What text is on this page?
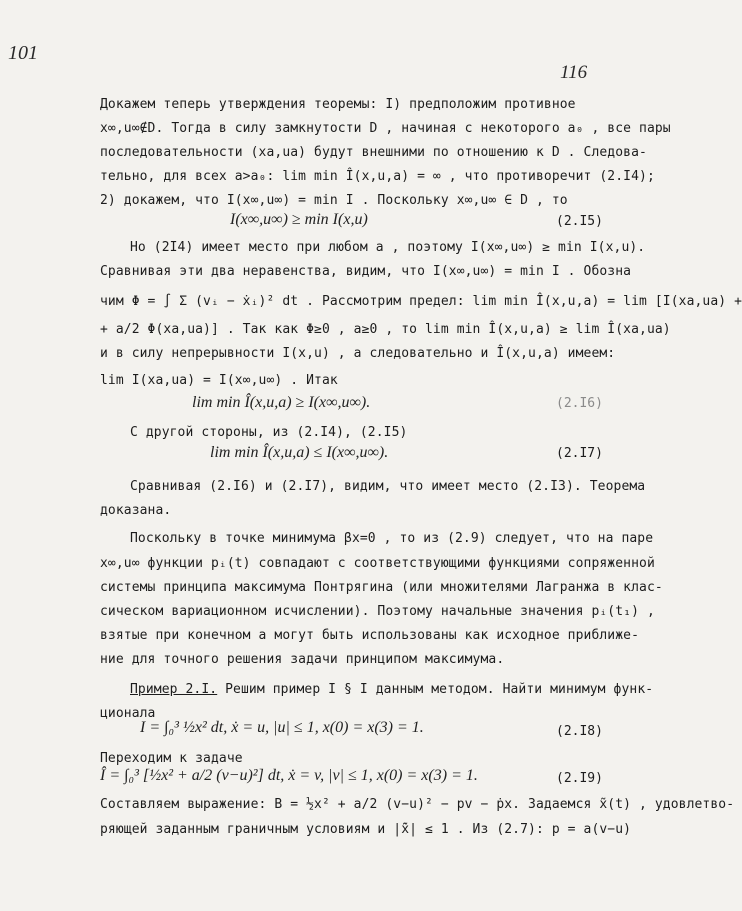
101
116
Докажем теперь утверждения теоремы: I) предположим противное
x∞,u∞∉D. Тогда в силу замкнутости D , начиная с некоторого a₀ , все пары
последовательности (xa,ua) будут внешними по отношению к D . Следова-
тельно, для всех a>a₀: lim min Î(x,u,a) = ∞ , что противоречит (2.I4);
2) докажем, что I(x∞,u∞) = min I . Поскольку x∞,u∞ ∈ D , то
I(x∞,u∞) ≥ min I(x,u)	(2.I5)
Но (2I4) имеет место при любом a , поэтому I(x∞,u∞) ≥ min I(x,u).
Сравнивая эти два неравенства, видим, что I(x∞,u∞) = min I . Обозна
чим Φ = ∫ Σ (vᵢ − ẋᵢ)² dt . Рассмотрим предел: lim min Î(x,u,a) = lim [I(xa,ua) +
+ a/2 Φ(xa,ua)] . Так как Φ≥0 , a≥0 , то lim min Î(x,u,a) ≥ lim Î(xa,ua)
и в силу непрерывности I(x,u) , а следовательно и Î(x,u,a) имеем:
lim I(xa,ua) = I(x∞,u∞) . Итак
lim min Î(x,u,a) ≥ I(x∞,u∞).	(2.I6)
С другой стороны, из (2.I4), (2.I5)
lim min Î(x,u,a) ≤ I(x∞,u∞).	(2.I7)
Сравнивая (2.I6) и (2.I7), видим, что имеет место (2.I3). Теорема
доказана.
Поскольку в точке минимума βx=0 , то из (2.9) следует, что на паре
x∞,u∞ функции pᵢ(t) совпадают с соответствующими функциями сопряженной
системы принципа максимума Понтрягина (или множителями Лагранжа в клас-
сическом вариационном исчислении). Поэтому начальные значения pᵢ(t₁) ,
взятые при конечном a могут быть использованы как исходное приближе-
ние для точного решения задачи принципом максимума.
Пример 2.I. Решим пример I § I данным методом. Найти минимум функ-
ционала
I = ∫₀³ ½x² dt, ẋ = u, |u| ≤ 1, x(0) = x(3) = 1.	(2.I8)
Переходим к задаче
Î = ∫₀³ [½x² + a/2 (v−u)²] dt, ẋ = v, |v| ≤ 1, x(0) = x(3) = 1.	(2.I9)
Составляем выражение: B = ½x² + a/2 (v−u)² − pv − ṗx. Задаемся x̃(t) , удовлетво-
ряющей заданным граничным условиям и |x̃̇| ≤ 1 . Из (2.7): p = a(v−u)
